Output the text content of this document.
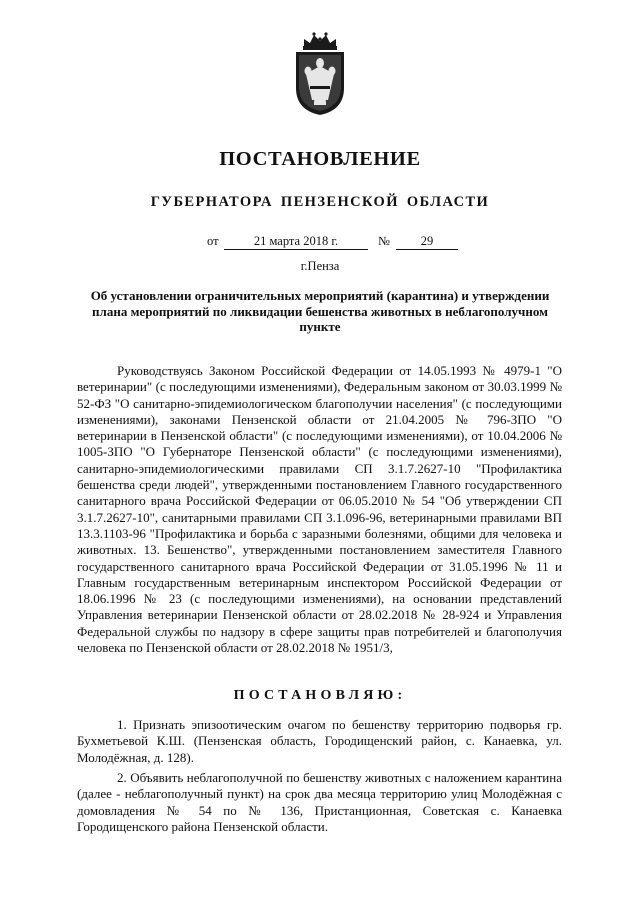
ПОСТАНОВЛЕНИЕ
ГУБЕРНАТОРА ПЕНЗЕНСКОЙ ОБЛАСТИ
от	21 марта 2018 г.	№	29
г.Пенза
Об установлении ограничительных мероприятий (карантина) и утверждении плана мероприятий по ликвидации бешенства животных в неблагополучном пункте

Руководствуясь Законом Российской Федерации от 14.05.1993 № 4979-1 "О ветеринарии" (с последующими изменениями), Федеральным законом от 30.03.1999 № 52-ФЗ "О санитарно-эпидемиологическом благополучии населения" (с последующими изменениями), законами Пензенской области от 21.04.2005 № 796-ЗПО "О ветеринарии в Пензенской области" (с последующими изменениями), от 10.04.2006 № 1005-ЗПО "О Губернаторе Пензенской области" (с последующими изменениями), санитарно-эпидемиологическими правилами СП 3.1.7.2627-10 "Профилактика бешенства среди людей", утвержденными постановлением Главного государственного санитарного врача Российской Федерации от 06.05.2010 № 54 "Об утверждении СП 3.1.7.2627-10", санитарными правилами СП 3.1.096-96, ветеринарными правилами ВП 13.3.1103-96 "Профилактика и борьба с заразными болезнями, общими для человека и животных. 13. Бешенство", утвержденными постановлением заместителя Главного государственного санитарного врача Российской Федерации от 31.05.1996 № 11 и Главным государственным ветеринарным инспектором Российской Федерации от 18.06.1996 № 23 (с последующими изменениями), на основании представлений Управления ветеринарии Пензенской области от 28.02.2018 № 28-924 и Управления Федеральной службы по надзору в сфере защиты прав потребителей и благополучия человека по Пензенской области от 28.02.2018 № 1951/3,

ПОСТАНОВЛЯЮ:

1. Признать эпизоотическим очагом по бешенству территорию подворья гр. Бухметьевой К.Ш. (Пензенская область, Городищенский район, с. Канаевка, ул. Молодёжная, д. 128).

2. Объявить неблагополучной по бешенству животных с наложением карантина (далее - неблагополучный пункт) на срок два месяца территорию улиц Молодёжная с домовладения № 54 по № 136, Пристанционная, Советская с. Канаевка Городищенского района Пензенской области.
